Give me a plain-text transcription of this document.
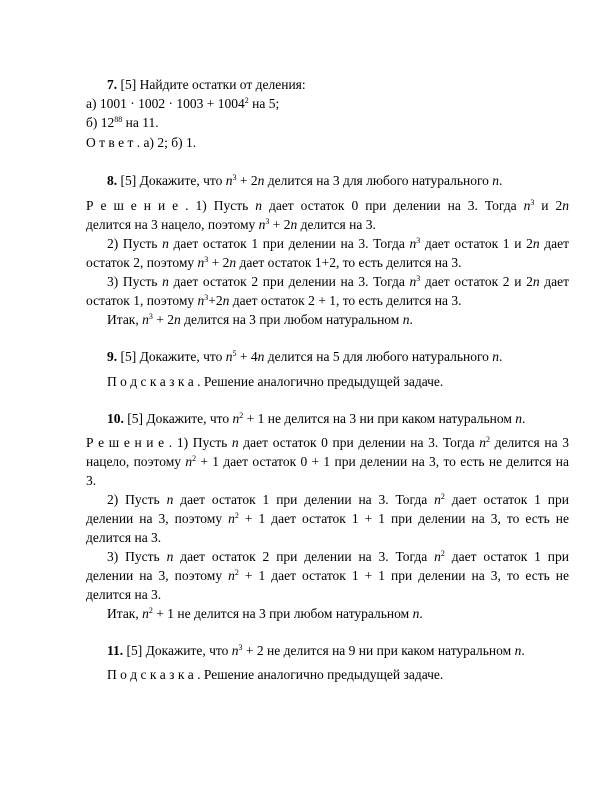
7. [5] Найдите остатки от деления:
а) $1001 \cdot 1002 \cdot 1003 + 1004^2$ на 5;
б) $12^{88}$ на 11.
О т в е т . а) 2; б) 1.
8. [5] Докажите, что $n^3 + 2n$ делится на 3 для любого натурального n.
Р е ш е н и е . 1) Пусть n дает остаток 0 при делении на 3. Тогда $n^3$ и 2n
делится на 3 нацело, поэтому $n^3 + 2n$ делится на 3.
2) Пусть n дает остаток 1 при делении на 3. Тогда $n^3$ дает остаток 1 и 2n дает
остаток 2, поэтому $n^3 + 2n$ дает остаток 1+2, то есть делится на 3.
3) Пусть n дает остаток 2 при делении на 3. Тогда $n^3$ дает остаток 2 и 2n дает
остаток 1, поэтому $n^3+2n$ дает остаток 2 + 1, то есть делится на 3.
Итак, $n^3 + 2n$ делится на 3 при любом натуральном n.
9. [5] Докажите, что $n^5 + 4n$ делится на 5 для любого натурального n.
П о д с к а з к а . Решение аналогично предыдущей задаче.
10. [5] Докажите, что $n^2 + 1$ не делится на 3 ни при каком натуральном n.
Р е ш е н и е . 1) Пусть n дает остаток 0 при делении на 3. Тогда $n^2$ делится на 3
нацело, поэтому $n^2 + 1$ дает остаток 0 + 1 при делении на 3, то есть не делится на
3.
2) Пусть n дает остаток 1 при делении на 3. Тогда $n^2$ дает остаток 1 при
делении на 3, поэтому $n^2 + 1$ дает остаток 1 + 1 при делении на 3, то есть не
делится на 3.
3) Пусть n дает остаток 2 при делении на 3. Тогда $n^2$ дает остаток 1 при
делении на 3, поэтому $n^2 + 1$ дает остаток 1 + 1 при делении на 3, то есть не
делится на 3.
Итак, $n^2 + 1$ не делится на 3 при любом натуральном n.
11. [5] Докажите, что $n^3 + 2$ не делится на 9 ни при каком натуральном n.
П о д с к а з к а . Решение аналогично предыдущей задаче.
